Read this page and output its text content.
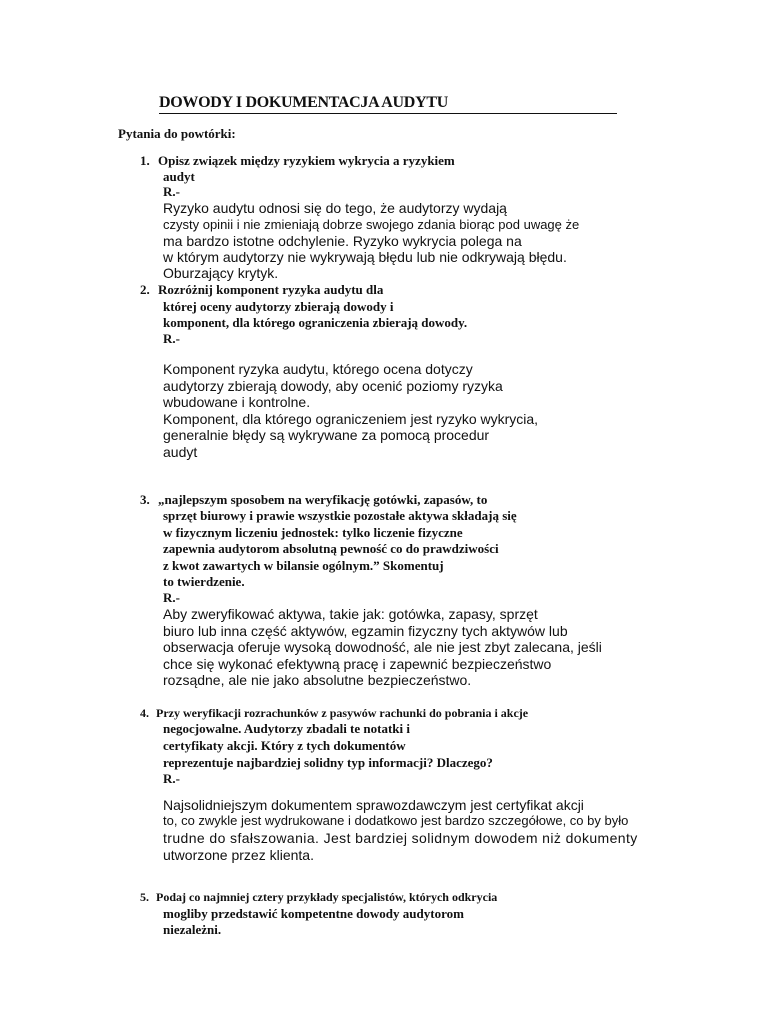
DOWODY I DOKUMENTACJA AUDYTU
Pytania do powtórki:
1. Opisz związek między ryzykiem wykrycia a ryzykiem
audyt
R.-
Ryzyko audytu odnosi się do tego, że audytorzy wydają
czysty opinii i nie zmieniają dobrze swojego zdania biorąc pod uwagę że
ma bardzo istotne odchylenie. Ryzyko wykrycia polega na
w którym audytorzy nie wykrywają błędu lub nie odkrywają błędu.
Oburzający krytyk.
2. Rozróżnij komponent ryzyka audytu dla
której oceny audytorzy zbierają dowody i
komponent, dla którego ograniczenia zbierają dowody.
R.-
Komponent ryzyka audytu, którego ocena dotyczy
audytorzy zbierają dowody, aby ocenić poziomy ryzyka
wbudowane i kontrolne.
Komponent, dla którego ograniczeniem jest ryzyko wykrycia,
generalnie błędy są wykrywane za pomocą procedur
audyt
3. „najlepszym sposobem na weryfikację gotówki, zapasów, to
sprzęt biurowy i prawie wszystkie pozostałe aktywa składają się
w fizycznym liczeniu jednostek: tylko liczenie fizyczne
zapewnia audytorom absolutną pewność co do prawdziwości
z kwot zawartych w bilansie ogólnym.” Skomentuj
to twierdzenie.
R.-
Aby zweryfikować aktywa, takie jak: gotówka, zapasy, sprzęt
biuro lub inna część aktywów, egzamin fizyczny tych aktywów lub
obserwacja oferuje wysoką dowodność, ale nie jest zbyt zalecana, jeśli
chce się wykonać efektywną pracę i zapewnić bezpieczeństwo
rozsądne, ale nie jako absolutne bezpieczeństwo.
4. Przy weryfikacji rozrachunków z pasywów rachunki do pobrania i akcje
negocjowalne. Audytorzy zbadali te notatki i
certyfikaty akcji. Który z tych dokumentów
reprezentuje najbardziej solidny typ informacji? Dlaczego?
R.-
Najsolidniejszym dokumentem sprawozdawczym jest certyfikat akcji
to, co zwykle jest wydrukowane i dodatkowo jest bardzo szczegółowe, co by było
trudne do sfałszowania. Jest bardziej solidnym dowodem niż dokumenty
utworzone przez klienta.
5. Podaj co najmniej cztery przykłady specjalistów, których odkrycia
mogliby przedstawić kompetentne dowody audytorom
niezależni.
